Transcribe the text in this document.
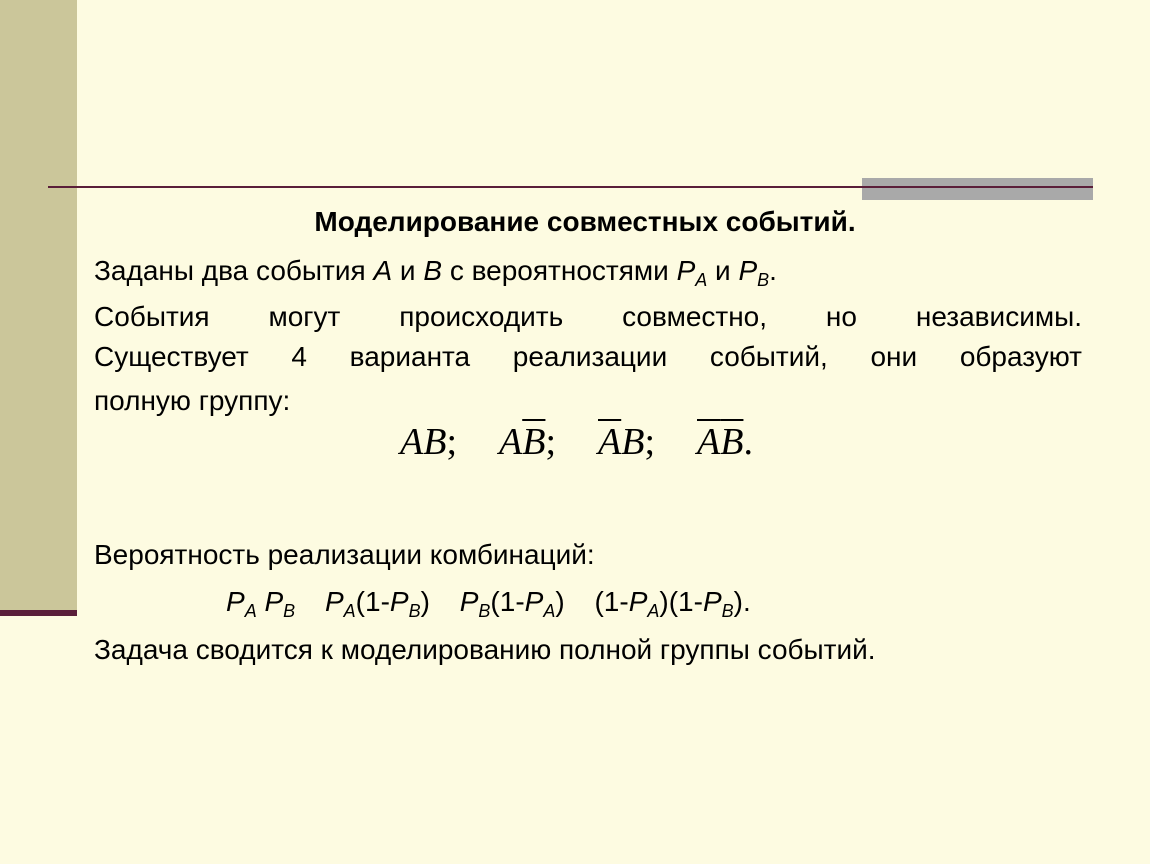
Моделирование совместных событий.
Заданы два события A и B с вероятностями $P_A$ и $P_B$.
События могут происходить совместно, но независимы.
Существует 4 варианта реализации событий, они образуют
полную группу:
AB; $A\overline{B}$; $\overline{A}B$; $\overline{A}\overline{B}$.
Вероятность реализации комбинаций:
$P_A$ $P_B$ $P_A(1-P_B)$ $P_B(1-P_A)$ $(1-P_A)(1-P_B)$.
Задача сводится к моделированию полной группы событий.
